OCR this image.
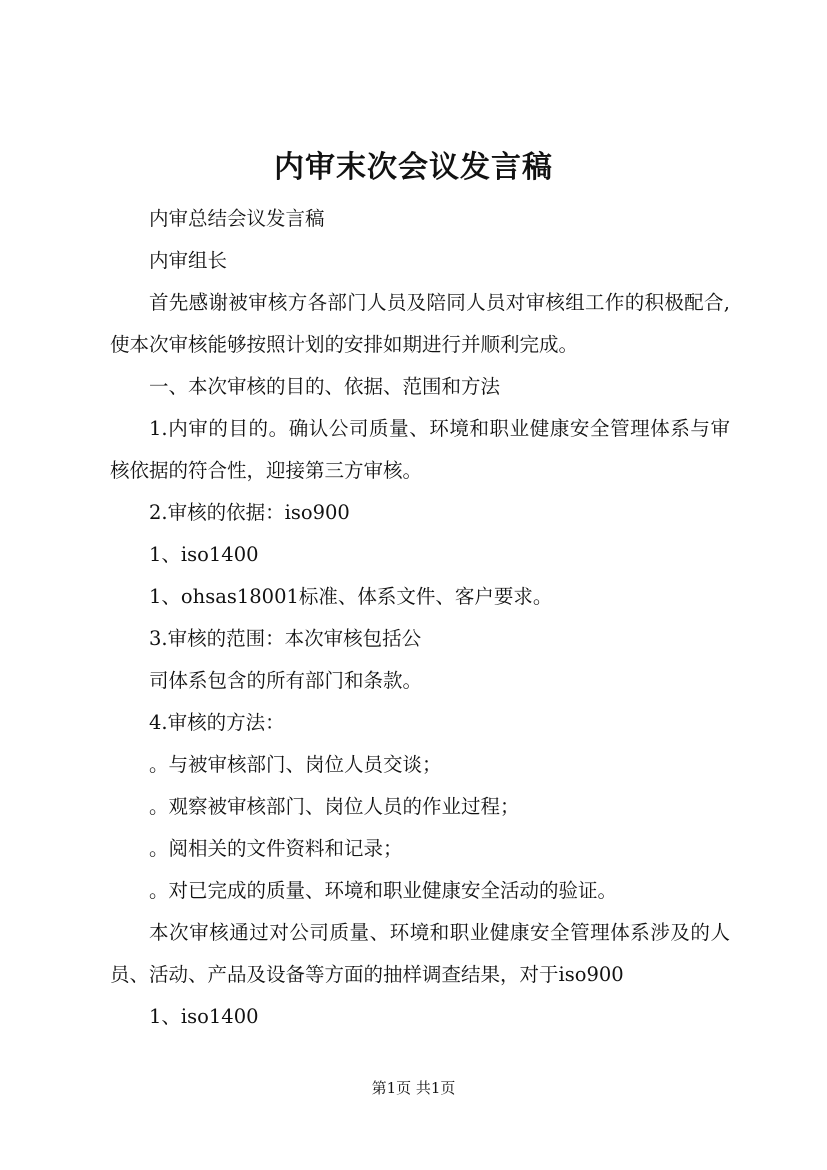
内审末次会议发言稿

内审总结会议发言稿

内审组长

首先感谢被审核方各部门人员及陪同人员对审核组工作的积极配合,使本次审核能够按照计划的安排如期进行并顺利完成。

一、本次审核的目的、依据、范围和方法

1.内审的目的。确认公司质量、环境和职业健康安全管理体系与审核依据的符合性，迎接第三方审核。

2.审核的依据：iso900

1、iso1400

1、ohsas18001标准、体系文件、客户要求。

3.审核的范围：本次审核包括公

司体系包含的所有部门和条款。

4.审核的方法：

。与被审核部门、岗位人员交谈；

。观察被审核部门、岗位人员的作业过程；

。阅相关的文件资料和记录；

。对已完成的质量、环境和职业健康安全活动的验证。

本次审核通过对公司质量、环境和职业健康安全管理体系涉及的人员、活动、产品及设备等方面的抽样调查结果，对于iso900

1、iso1400

第1页 共1页
